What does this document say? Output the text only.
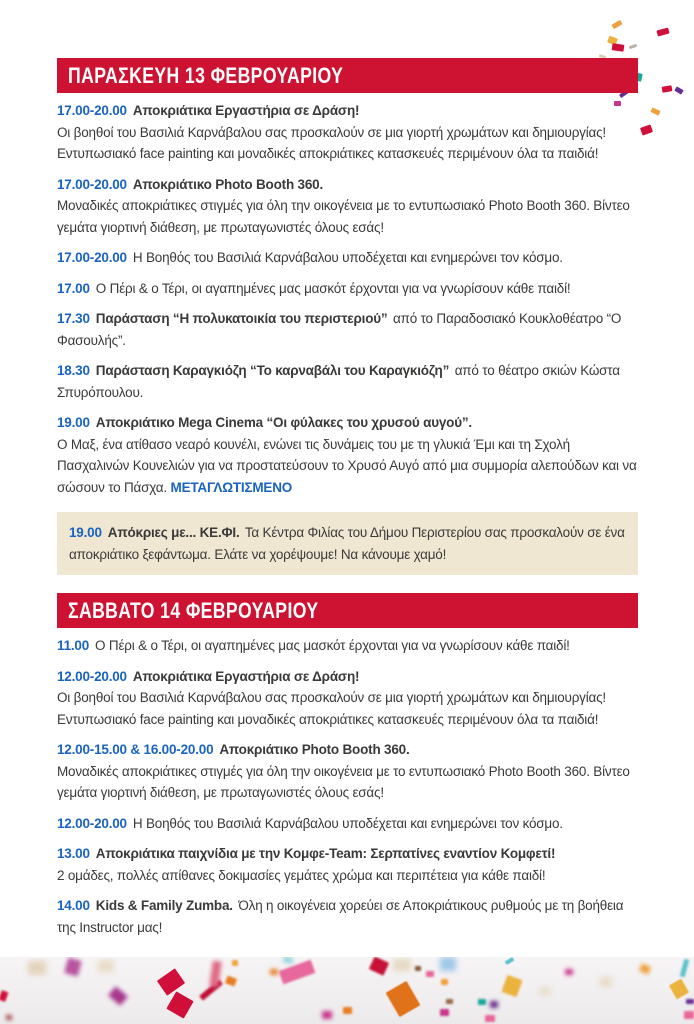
ΠΑΡΑΣΚΕΥΗ 13 ΦΕΒΡΟΥΑΡΙΟΥ
17.00-20.00 Αποκριάτικα Εργαστήρια σε Δράση!
Οι βοηθοί του Βασιλιά Καρνάβαλου σας προσκαλούν σε μια γιορτή χρωμάτων και δημιουργίας! Εντυπωσιακό face painting και μοναδικές αποκριάτικες κατασκευές περιμένουν όλα τα παιδιά!
17.00-20.00 Αποκριάτικο Photo Booth 360.
Μοναδικές αποκριάτικες στιγμές για όλη την οικογένεια με το εντυπωσιακό Photo Booth 360. Βίντεο γεμάτα γιορτινή διάθεση, με πρωταγωνιστές όλους εσάς!
17.00-20.00 Η Βοηθός του Βασιλιά Καρνάβαλου υποδέχεται και ενημερώνει τον κόσμο.
17.00 Ο Πέρι & ο Τέρι, οι αγαπημένες μας μασκότ έρχονται για να γνωρίσουν κάθε παιδί!
17.30 Παράσταση “Η πολυκατοικία του περιστεριού” από το Παραδοσιακό Κουκλοθέατρο “Ο Φασουλής”.
18.30 Παράσταση Καραγκιόζη “Το καρναβάλι του Καραγκιόζη” από το θέατρο σκιών Κώστα Σπυρόπουλου.
19.00 Αποκριάτικο Mega Cinema “Οι φύλακες του χρυσού αυγού”.
Ο Μαξ, ένα ατίθασο νεαρό κουνέλι, ενώνει τις δυνάμεις του με τη γλυκιά Έμι και τη Σχολή Πασχαλινών Κουνελιών για να προστατεύσουν το Χρυσό Αυγό από μια συμμορία αλεπούδων και να σώσουν το Πάσχα. ΜΕΤΑΓΛΩΤΙΣΜΕΝΟ
19.00 Απόκριες με... ΚΕ.ΦΙ. Τα Κέντρα Φιλίας του Δήμου Περιστερίου σας προσκαλούν σε ένα αποκριάτικο ξεφάντωμα. Ελάτε να χορέψουμε! Να κάνουμε χαμό!
ΣΑΒΒΑΤΟ 14 ΦΕΒΡΟΥΑΡΙΟΥ
11.00 Ο Πέρι & ο Τέρι, οι αγαπημένες μας μασκότ έρχονται για να γνωρίσουν κάθε παιδί!
12.00-20.00 Αποκριάτικα Εργαστήρια σε Δράση!
Οι βοηθοί του Βασιλιά Καρνάβαλου σας προσκαλούν σε μια γιορτή χρωμάτων και δημιουργίας! Εντυπωσιακό face painting και μοναδικές αποκριάτικες κατασκευές περιμένουν όλα τα παιδιά!
12.00-15.00 & 16.00-20.00 Αποκριάτικο Photo Booth 360.
Μοναδικές αποκριάτικες στιγμές για όλη την οικογένεια με το εντυπωσιακό Photo Booth 360. Βίντεο γεμάτα γιορτινή διάθεση, με πρωταγωνιστές όλους εσάς!
12.00-20.00 Η Βοηθός του Βασιλιά Καρνάβαλου υποδέχεται και ενημερώνει τον κόσμο.
13.00 Αποκριάτικα παιχνίδια με την Κομφε-Team: Σερπατίνες εναντίον Κομφετί!
2 ομάδες, πολλές απίθανες δοκιμασίες γεμάτες χρώμα και περιπέτεια για κάθε παιδί!
14.00 Kids & Family Zumba. Όλη η οικογένεια χορεύει σε Αποκριάτικους ρυθμούς με τη βοήθεια της Instructor μας!
